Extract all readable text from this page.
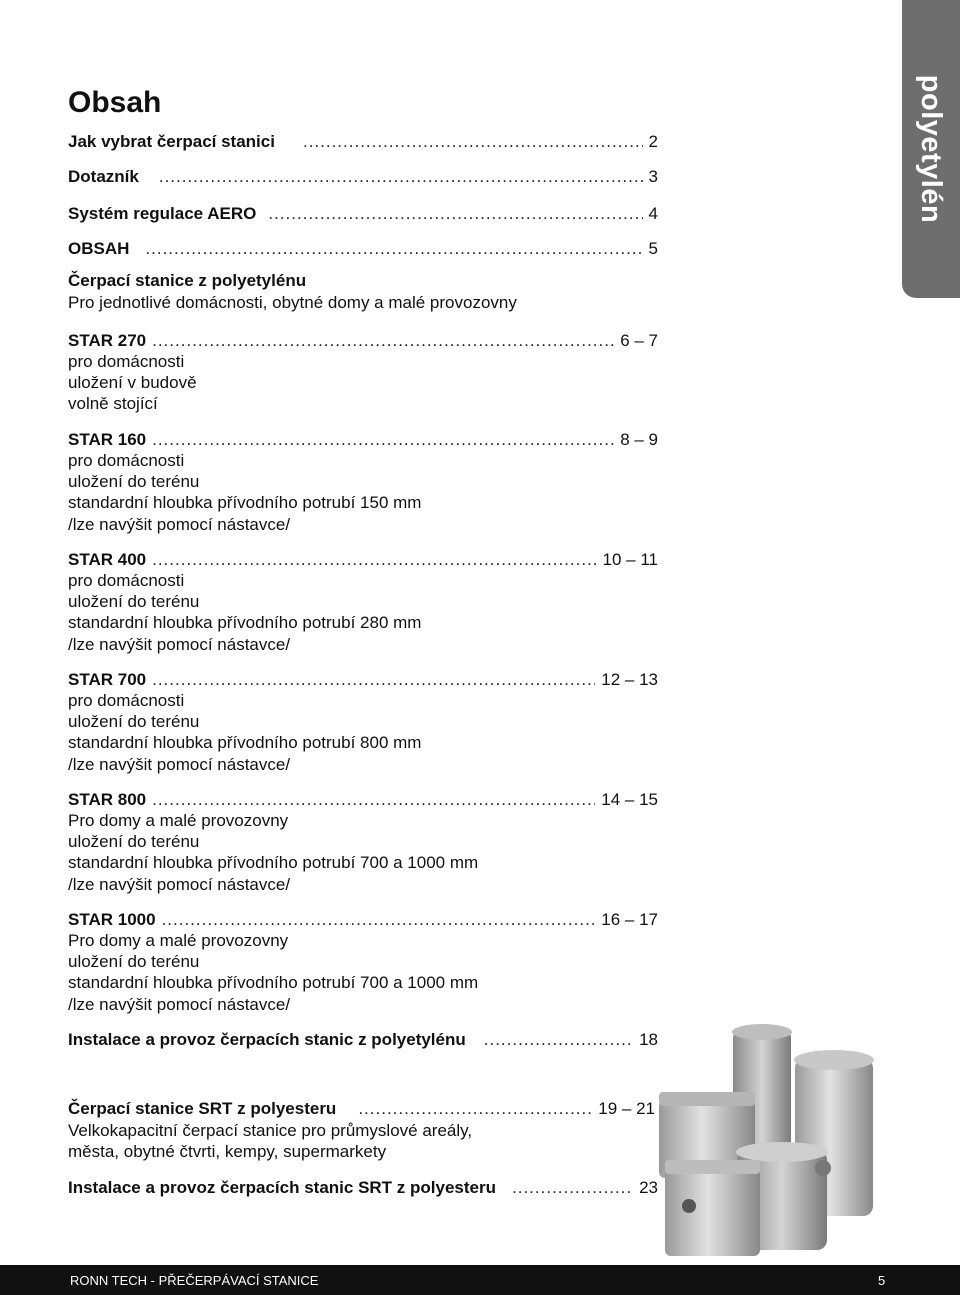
polyetylén
Obsah
Jak vybrat čerpací stanici .....	2
Dotazník .....	3
Systém regulace AERO .....	4
OBSAH .....	5
Čerpací stanice z polyetylénu
Pro jednotlivé domácnosti, obytné domy a malé provozovny
STAR 270 .....	6 – 7
pro domácnosti
uložení v budově
volně stojící
STAR 160 .....	8 – 9
pro domácnosti
uložení do terénu
standardní hloubka přívodního potrubí 150 mm
/lze navýšit pomocí nástavce/
STAR 400 .....	10 – 11
pro domácnosti
uložení do terénu
standardní hloubka přívodního potrubí 280 mm
/lze navýšit pomocí nástavce/
STAR 700 .....	12 – 13
pro domácnosti
uložení do terénu
standardní hloubka přívodního potrubí 800 mm
/lze navýšit pomocí nástavce/
STAR 800 .....	14 – 15
Pro domy a malé provozovny
uložení do terénu
standardní hloubka přívodního potrubí 700 a 1000 mm
/lze navýšit pomocí nástavce/
STAR 1000 .....	16 – 17
Pro domy a malé provozovny
uložení do terénu
standardní hloubka přívodního potrubí 700 a 1000 mm
/lze navýšit pomocí nástavce/
Instalace a provoz čerpacích stanic z polyetylénu .....	18
Čerpací stanice SRT z polyesteru .....	19 – 21
Velkokapacitní čerpací stanice pro průmyslové areály,
města, obytné čtvrti, kempy, supermarkety
Instalace a provoz čerpacích stanic SRT z polyesteru .....	23
RONN TECH - PŘEČERPÁVACÍ STANICE	5
